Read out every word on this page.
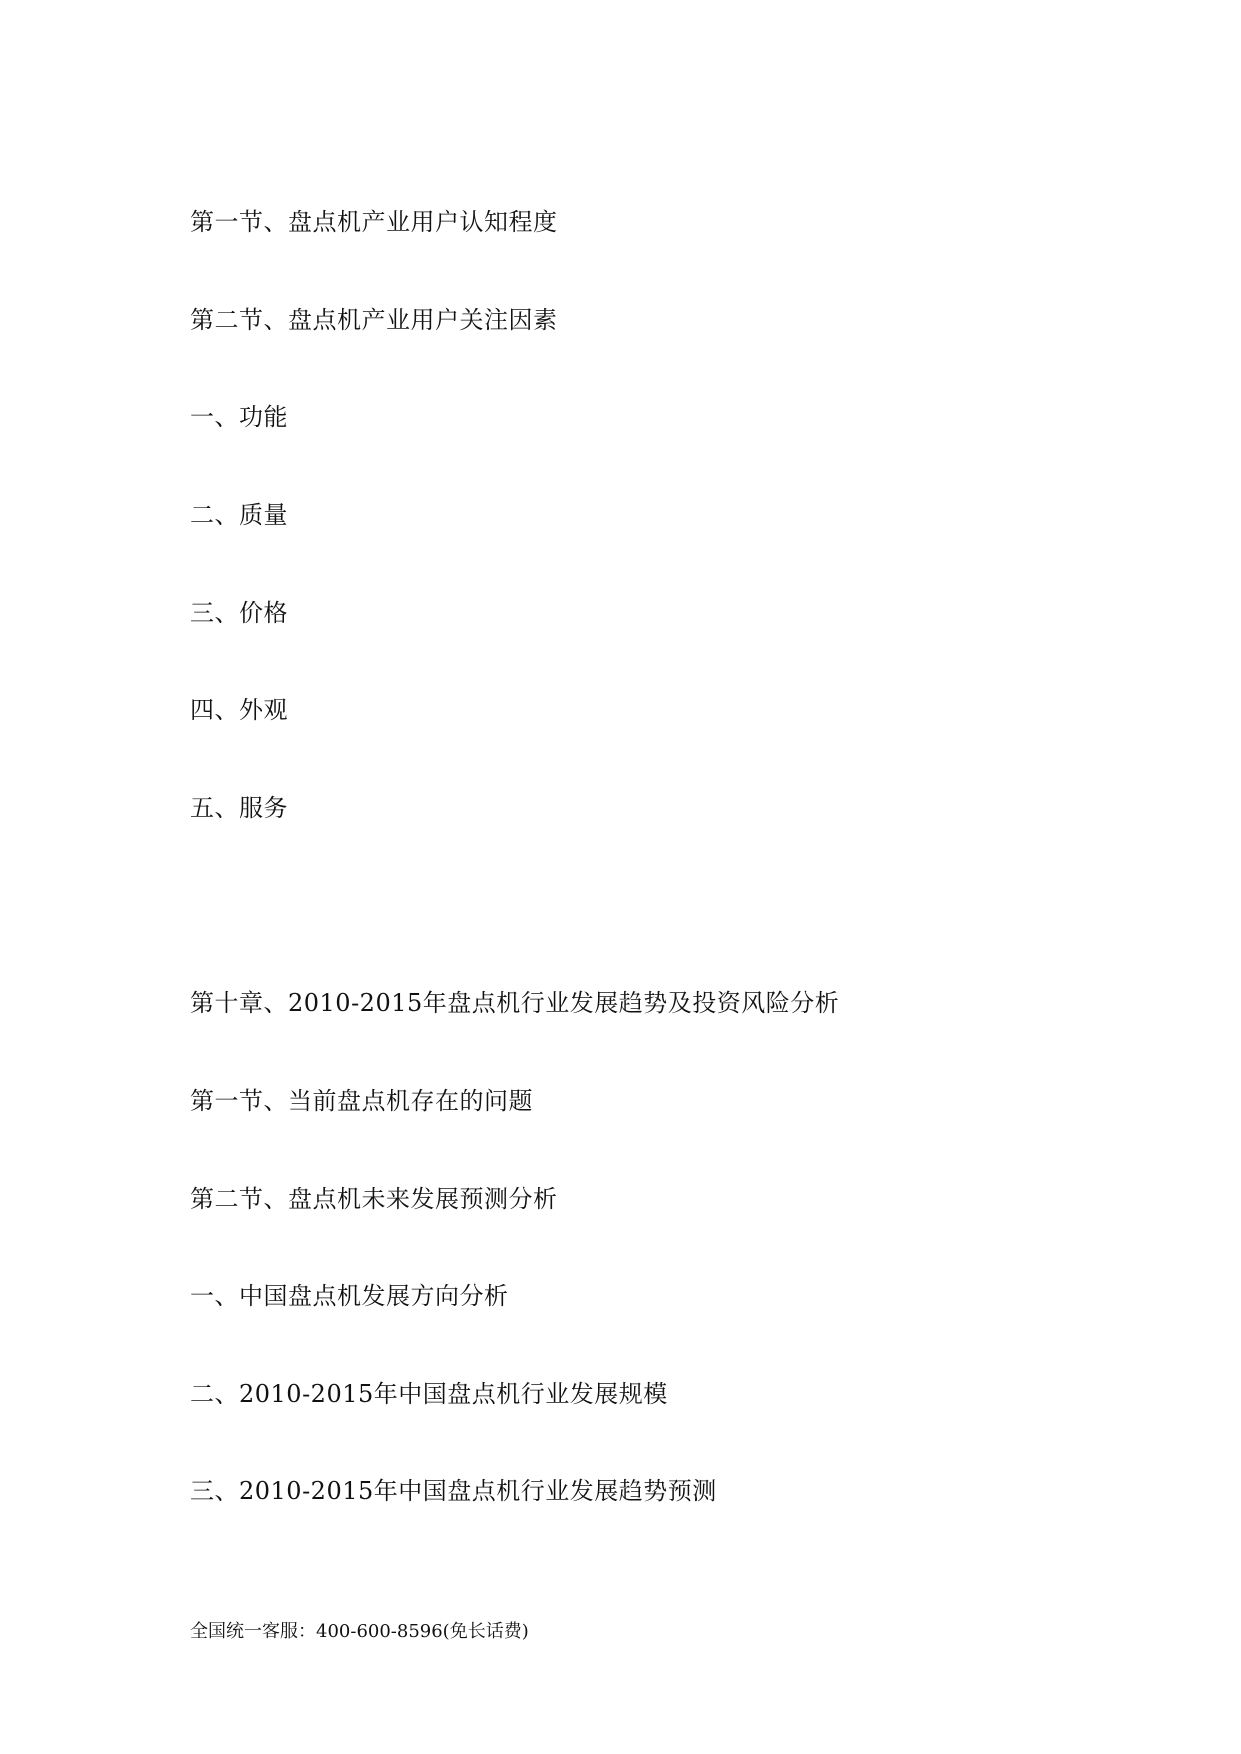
第一节、盘点机产业用户认知程度
第二节、盘点机产业用户关注因素
一、功能
二、质量
三、价格
四、外观
五、服务
第十章、2010-2015年盘点机行业发展趋势及投资风险分析
第一节、当前盘点机存在的问题
第二节、盘点机未来发展预测分析
一、中国盘点机发展方向分析
二、2010-2015年中国盘点机行业发展规模
三、2010-2015年中国盘点机行业发展趋势预测
全国统一客服：400-600-8596(免长话费)
